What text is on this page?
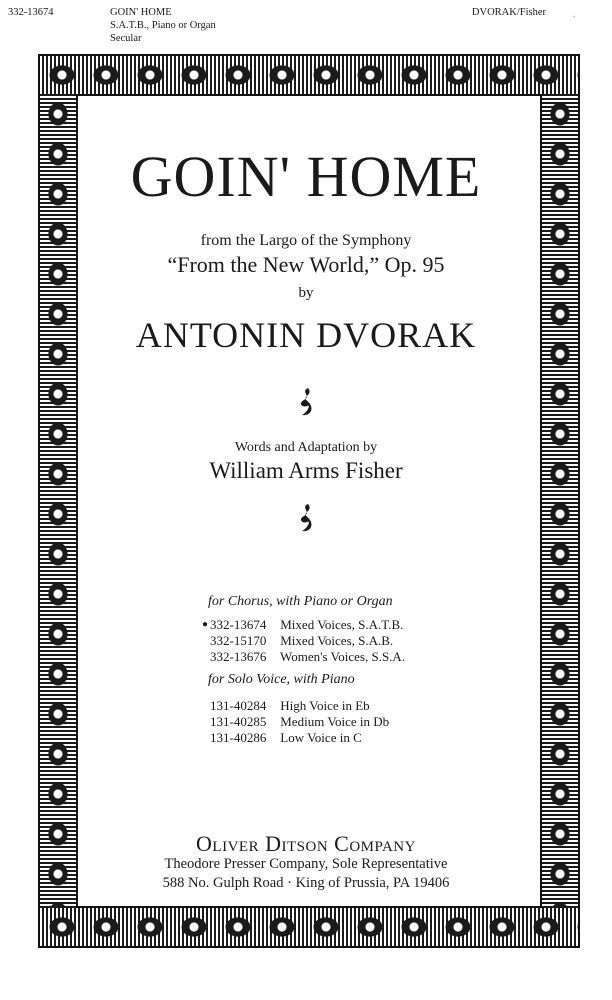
332-13674	GOIN' HOME
S.A.T.B., Piano or Organ
Secular
DVORAK/Fisher	·
GOIN' HOME
from the Largo of the Symphony
“From the New World,” Op. 95
by
ANTONIN DVORAK
Words and Adaptation by
William Arms Fisher
for Chorus, with Piano or Organ
● 332-13674 Mixed Voices, S.A.T.B.
332-15170 Mixed Voices, S.A.B.
332-13676 Women's Voices, S.S.A.
for Solo Voice, with Piano
131-40284 High Voice in Eb
131-40285 Medium Voice in Db
131-40286 Low Voice in C
Oliver Ditson Company
Theodore Presser Company, Sole Representative
588 No. Gulph Road · King of Prussia, PA 19406
